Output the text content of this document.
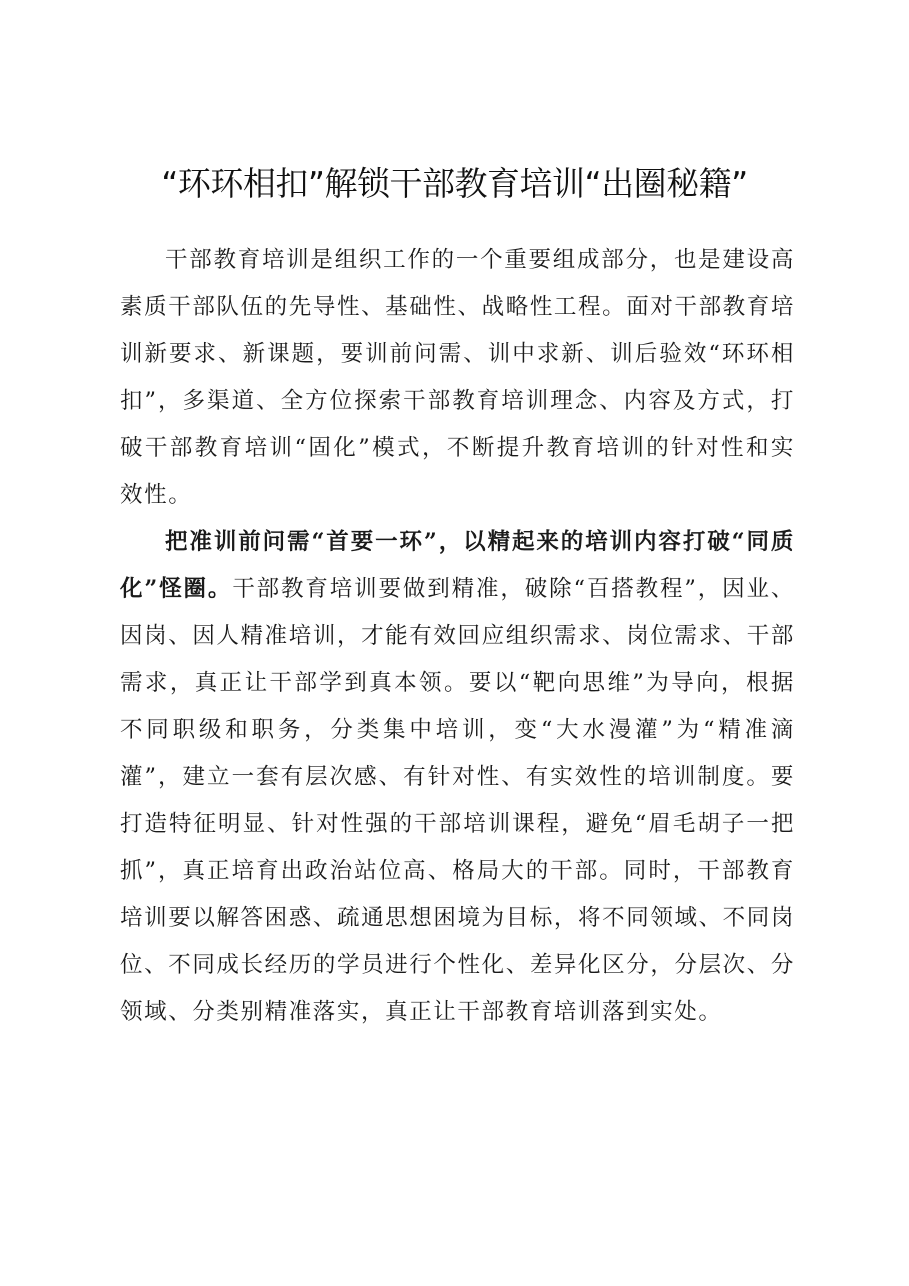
“环环相扣”解锁干部教育培训“出圈秘籍”

干部教育培训是组织工作的一个重要组成部分，也是建设高素质干部队伍的先导性、基础性、战略性工程。面对干部教育培训新要求、新课题，要训前问需、训中求新、训后验效“环环相扣”，多渠道、全方位探索干部教育培训理念、内容及方式，打破干部教育培训“固化”模式，不断提升教育培训的针对性和实效性。

把准训前问需“首要一环”，以精起来的培训内容打破“同质化”怪圈。干部教育培训要做到精准，破除“百搭教程”，因业、因岗、因人精准培训，才能有效回应组织需求、岗位需求、干部需求，真正让干部学到真本领。要以“靶向思维”为导向，根据不同职级和职务，分类集中培训，变“大水漫灌”为“精准滴灌”，建立一套有层次感、有针对性、有实效性的培训制度。要打造特征明显、针对性强的干部培训课程，避免“眉毛胡子一把抓”，真正培育出政治站位高、格局大的干部。同时，干部教育培训要以解答困惑、疏通思想困境为目标，将不同领域、不同岗位、不同成长经历的学员进行个性化、差异化区分，分层次、分领域、分类别精准落实，真正让干部教育培训落到实处。
